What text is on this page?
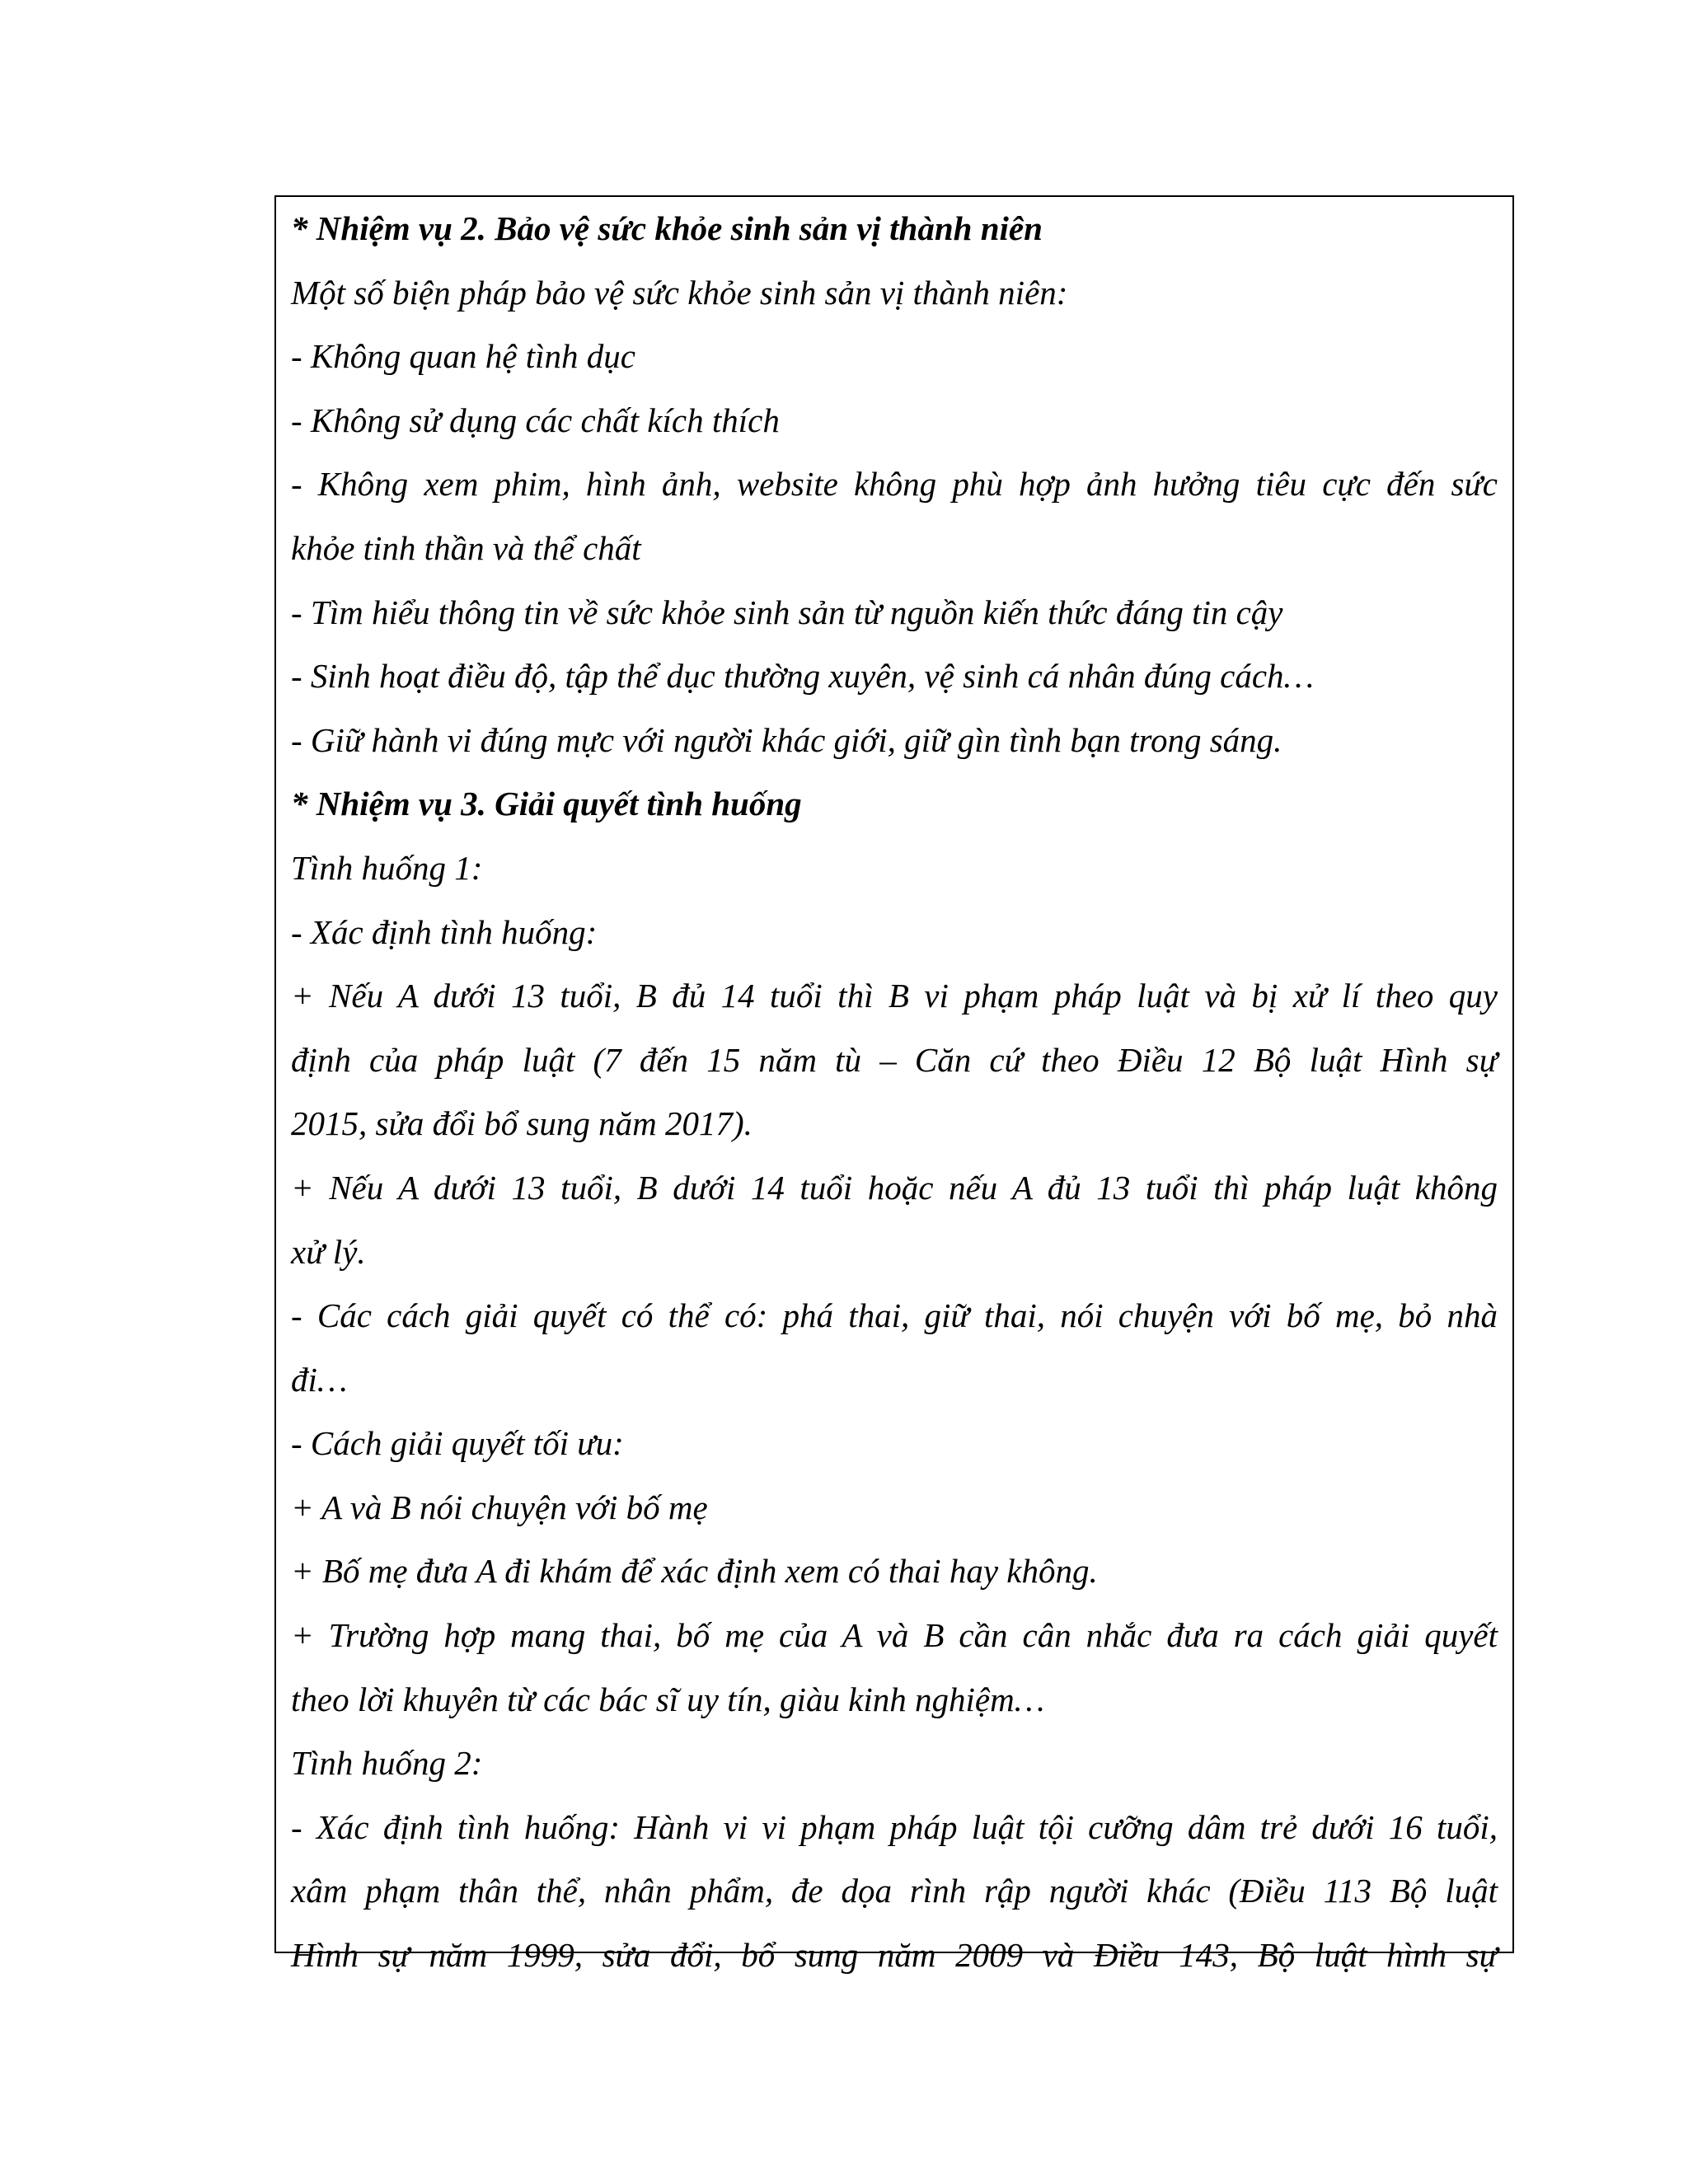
* Nhiệm vụ 2. Bảo vệ sức khỏe sinh sản vị thành niên
Một số biện pháp bảo vệ sức khỏe sinh sản vị thành niên:
- Không quan hệ tình dục
- Không sử dụng các chất kích thích
- Không xem phim, hình ảnh, website không phù hợp ảnh hưởng tiêu cực đến sức
khỏe tinh thần và thể chất
- Tìm hiểu thông tin về sức khỏe sinh sản từ nguồn kiến thức đáng tin cậy
- Sinh hoạt điều độ, tập thể dục thường xuyên, vệ sinh cá nhân đúng cách…
- Giữ hành vi đúng mực với người khác giới, giữ gìn tình bạn trong sáng.
* Nhiệm vụ 3. Giải quyết tình huống
Tình huống 1:
- Xác định tình huống:
+ Nếu A dưới 13 tuổi, B đủ 14 tuổi thì B vi phạm pháp luật và bị xử lí theo quy
định của pháp luật (7 đến 15 năm tù – Căn cứ theo Điều 12 Bộ luật Hình sự
2015, sửa đổi bổ sung năm 2017).
+ Nếu A dưới 13 tuổi, B dưới 14 tuổi hoặc nếu A đủ 13 tuổi thì pháp luật không
xử lý.
- Các cách giải quyết có thể có: phá thai, giữ thai, nói chuyện với bố mẹ, bỏ nhà
đi…
- Cách giải quyết tối ưu:
+ A và B nói chuyện với bố mẹ
+ Bố mẹ đưa A đi khám để xác định xem có thai hay không.
+ Trường hợp mang thai, bố mẹ của A và B cần cân nhắc đưa ra cách giải quyết
theo lời khuyên từ các bác sĩ uy tín, giàu kinh nghiệm…
Tình huống 2:
- Xác định tình huống: Hành vi vi phạm pháp luật tội cưỡng dâm trẻ dưới 16 tuổi,
xâm phạm thân thể, nhân phẩm, đe dọa rình rập người khác (Điều 113 Bộ luật
Hình sự năm 1999, sửa đổi, bổ sung năm 2009 và Điều 143, Bộ luật hình sự
